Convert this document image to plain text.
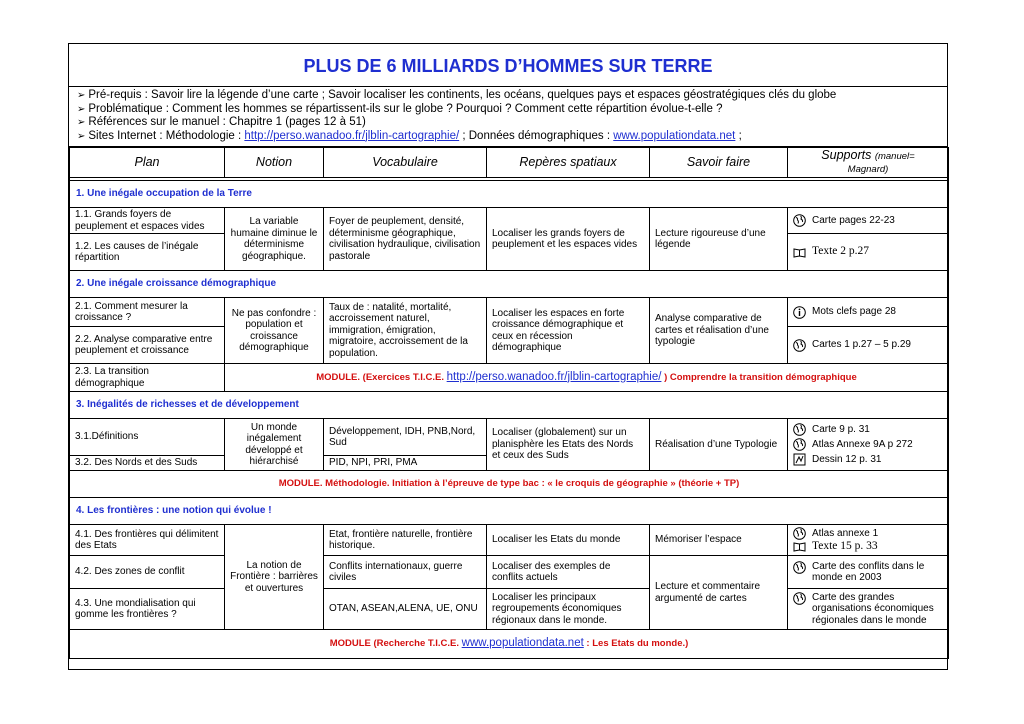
PLUS DE 6 MILLIARDS D’HOMMES SUR TERRE
➢ Pré-requis : Savoir lire la légende d’une carte ; Savoir localiser les continents, les océans, quelques pays et espaces géostratégiques clés du globe
➢ Problématique : Comment les hommes se répartissent-ils sur le globe ? Pourquoi ? Comment cette répartition évolue-t-elle ?
➢ Références sur le manuel : Chapitre 1 (pages 12 à 51)
➢ Sites Internet : Méthodologie : http://perso.wanadoo.fr/jlblin-cartographie/ ; Données démographiques : www.populationdata.net ;
Plan	Notion	Vocabulaire	Repères spatiaux	Savoir faire	Supports (manuel=
Magnard)

1. Une inégale occupation de la Terre					
1.1. Grands foyers de peuplement et espaces vides	La variable humaine diminue le déterminisme géographique.	Foyer de peuplement, densité, déterminisme géographique, civilisation hydraulique, civilisation pastorale	Localiser les grands foyers de peuplement et les espaces vides	Lecture rigoureuse d’une légende	Carte pages 22-23

1.2. Les causes de l’inégale répartition					Texte 2 p.27

2. Une inégale croissance démographique					
2.1. Comment mesurer la croissance ?	Ne pas confondre : population et croissance démographique	Taux de : natalité, mortalité, accroissement naturel, immigration, émigration, migratoire, accroissement de la population.	Localiser les espaces en forte croissance démographique et ceux en récession démographique	Analyse comparative de cartes et réalisation d’une typologie	Mots clefs page 28

2.2. Analyse comparative entre peuplement et croissance					Cartes 1 p.27 – 5 p.29

2.3. La transition démographique	MODULE. (Exercices T.I.C.E. http://perso.wanadoo.fr/jlblin-cartographie/ ) Comprendre la transition démographique				
3. Inégalités de richesses et de développement					
3.1.Définitions	Un monde inégalement développé et hiérarchisé	Développement, IDH, PNB,Nord, Sud	Localiser (globalement) sur un planisphère les Etats des Nords et ceux des Suds	Réalisation d’une Typologie	Carte 9 p. 31
Atlas Annexe 9A p 272
Dessin 12 p. 31

3.2. Des Nords et des Suds		PID, NPI, PRI, PMA			
MODULE. Méthodologie. Initiation à l’épreuve de type bac : « le croquis de géographie » (théorie + TP)					
4. Les frontières : une notion qui évolue !					
4.1. Des frontières qui délimitent des Etats	La notion de Frontière : barrières et ouvertures	Etat, frontière naturelle, frontière historique.	Localiser les Etats du monde	Mémoriser l’espace	Atlas annexe 1
Texte 15 p. 33

4.2. Des zones de conflit		Conflits internationaux, guerre civiles	Localiser des exemples de conflits actuels	Lecture et commentaire argumenté de cartes	Carte des conflits dans le monde en 2003

4.3. Une mondialisation qui gomme les frontières ?		OTAN, ASEAN,ALENA, UE, ONU	Localiser les principaux regroupements économiques régionaux dans le monde.		Carte des grandes organisations économiques régionales dans le monde

MODULE (Recherche T.I.C.E. www.populationdata.net : Les Etats du monde.)					
